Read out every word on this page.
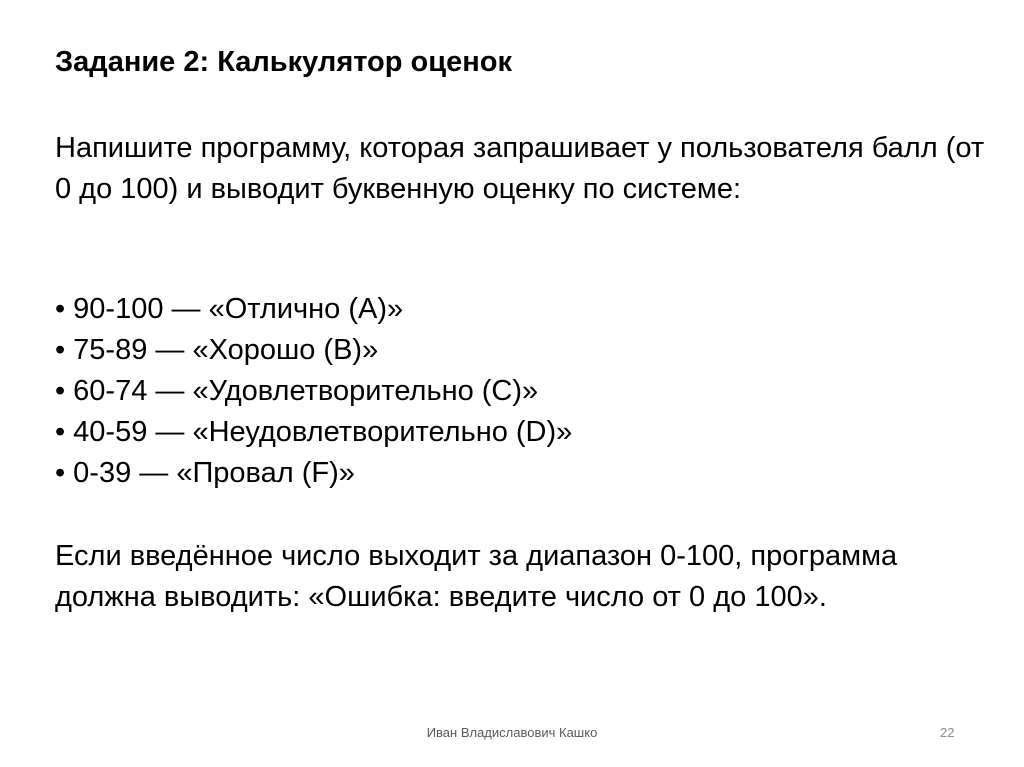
Задание 2: Калькулятор оценок
Напишите программу, которая запрашивает у пользователя балл (от 0 до 100) и выводит буквенную оценку по системе:
• 90-100 — «Отлично (A)»
• 75-89 — «Хорошо (B)»
• 60-74 — «Удовлетворительно (C)»
• 40-59 — «Неудовлетворительно (D)»
• 0-39 — «Провал (F)»
Если введённое число выходит за диапазон 0-100, программа должна выводить: «Ошибка: введите число от 0 до 100».
Иван Владиславович Кашко	22
